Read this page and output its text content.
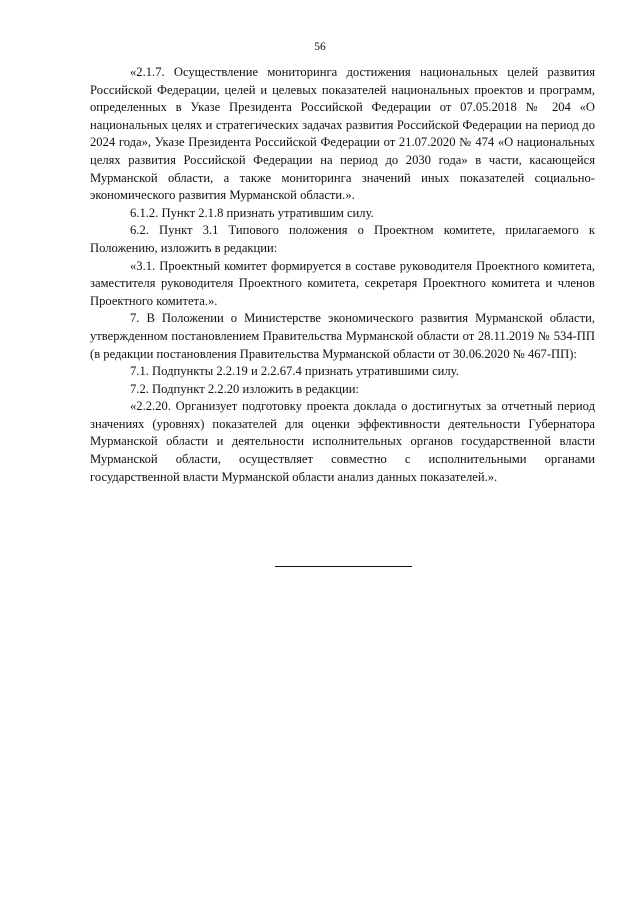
56

«2.1.7. Осуществление мониторинга достижения национальных целей развития Российской Федерации, целей и целевых показателей национальных проектов и программ, определенных в Указе Президента Российской Федерации от 07.05.2018 № 204 «О национальных целях и стратегических задачах развития Российской Федерации на период до 2024 года», Указе Президента Российской Федерации от 21.07.2020 № 474 «О национальных целях развития Российской Федерации на период до 2030 года» в части, касающейся Мурманской области, а также мониторинга значений иных показателей социально-экономического развития Мурманской области.».

6.1.2. Пункт 2.1.8 признать утратившим силу.

6.2. Пункт 3.1 Типового положения о Проектном комитете, прилагаемого к Положению, изложить в редакции:

«3.1. Проектный комитет формируется в составе руководителя Проектного комитета, заместителя руководителя Проектного комитета, секретаря Проектного комитета и членов Проектного комитета.».

7. В Положении о Министерстве экономического развития Мурманской области, утвержденном постановлением Правительства Мурманской области от 28.11.2019 № 534-ПП (в редакции постановления Правительства Мурманской области от 30.06.2020 № 467-ПП):

7.1. Подпункты 2.2.19 и 2.2.67.4 признать утратившими силу.

7.2. Подпункт 2.2.20 изложить в редакции:

«2.2.20. Организует подготовку проекта доклада о достигнутых за отчетный период значениях (уровнях) показателей для оценки эффективности деятельности Губернатора Мурманской области и деятельности исполнительных органов государственной власти Мурманской области, осуществляет совместно с исполнительными органами государственной власти Мурманской области анализ данных показателей.».
